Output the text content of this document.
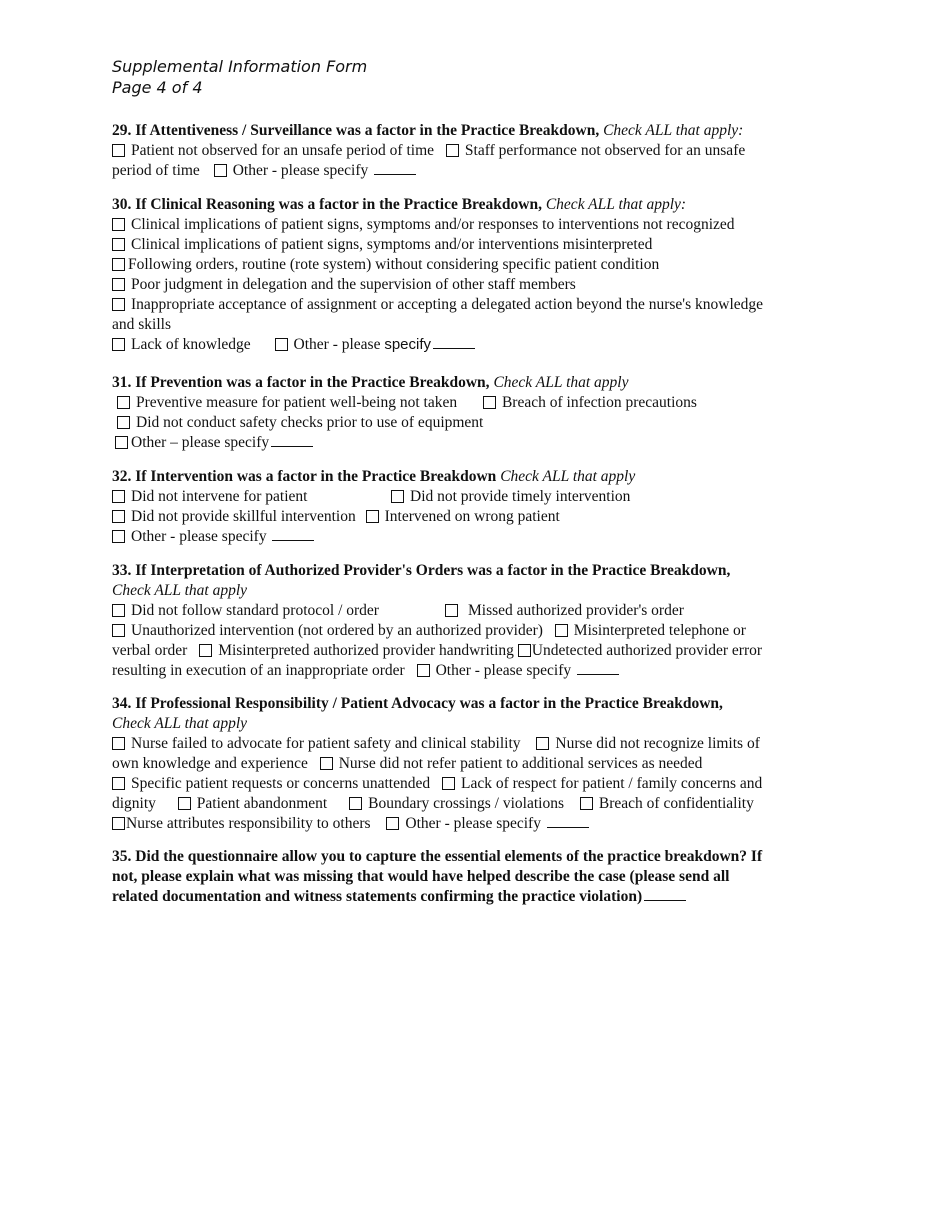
Supplemental Information Form
Page 4 of 4
29. If Attentiveness / Surveillance was a factor in the Practice Breakdown, Check ALL that apply:
Patient not observed for an unsafe period of time Staff performance not observed for an unsafe
period of time Other - please specify
30. If Clinical Reasoning was a factor in the Practice Breakdown, Check ALL that apply:
Clinical implications of patient signs, symptoms and/or responses to interventions not recognized
Clinical implications of patient signs, symptoms and/or interventions misinterpreted
Following orders, routine (rote system) without considering specific patient condition
Poor judgment in delegation and the supervision of other staff members
Inappropriate acceptance of assignment or accepting a delegated action beyond the nurse's knowledge
and skills
Lack of knowledge	Other - please specify
31. If Prevention was a factor in the Practice Breakdown, Check ALL that apply
Preventive measure for patient well-being not taken	Breach of infection precautions
Did not conduct safety checks prior to use of equipment
Other – please specify
32. If Intervention was a factor in the Practice Breakdown Check ALL that apply
Did not intervene for patient	Did not provide timely intervention
Did not provide skillful intervention Intervened on wrong patient
Other - please specify
33. If Interpretation of Authorized Provider's Orders was a factor in the Practice Breakdown,
Check ALL that apply
Did not follow standard protocol / order	Missed authorized provider's order
Unauthorized intervention (not ordered by an authorized provider) Misinterpreted telephone or
verbal order Misinterpreted authorized provider handwriting Undetected authorized provider error
resulting in execution of an inappropriate order Other - please specify
34. If Professional Responsibility / Patient Advocacy was a factor in the Practice Breakdown,
Check ALL that apply
Nurse failed to advocate for patient safety and clinical stability Nurse did not recognize limits of
own knowledge and experience Nurse did not refer patient to additional services as needed
Specific patient requests or concerns unattended Lack of respect for patient / family concerns and
dignity	Patient abandonment	Boundary crossings / violations Breach of confidentiality
Nurse attributes responsibility to others Other - please specify
35. Did the questionnaire allow you to capture the essential elements of the practice breakdown? If
not, please explain what was missing that would have helped describe the case (please send all
related documentation and witness statements confirming the practice violation)
